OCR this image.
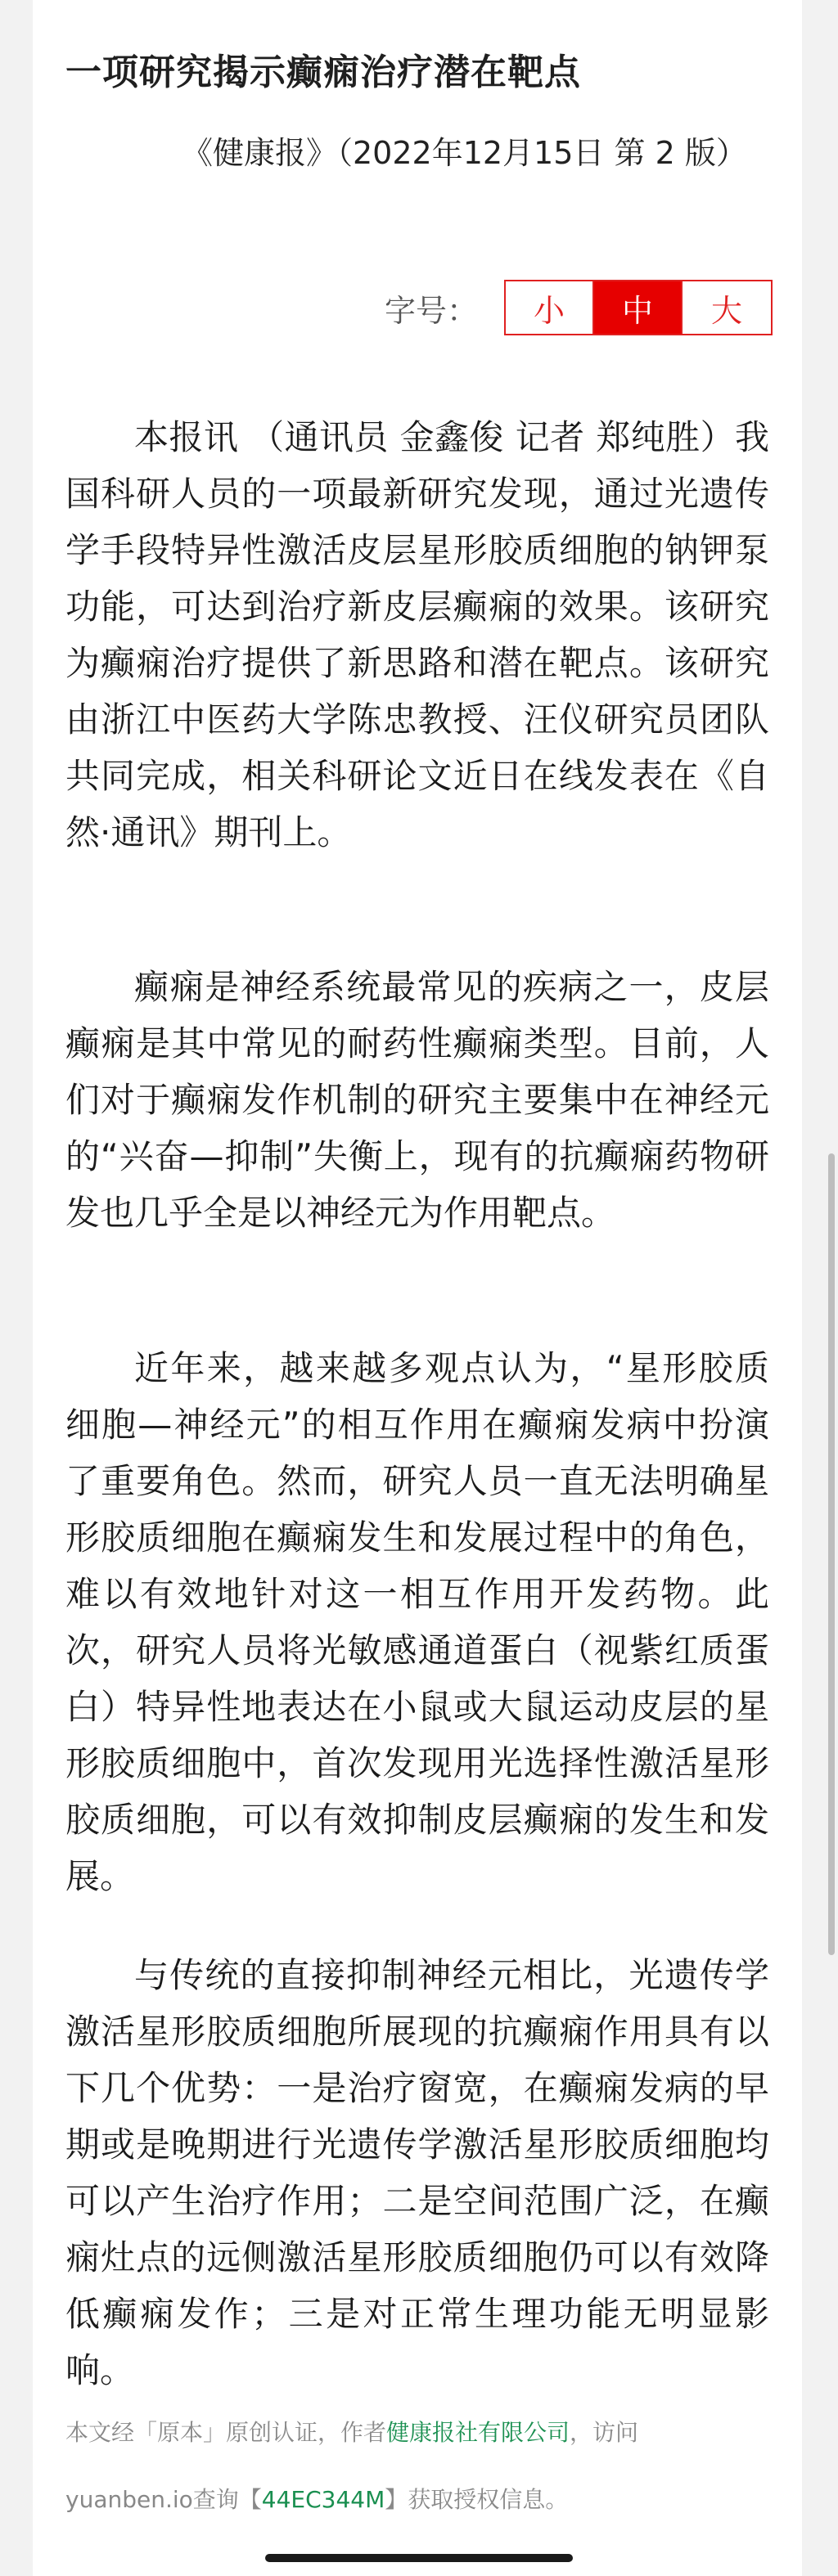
一项研究揭示癫痫治疗潜在靶点
《健康报》（2022年12月15日 第 2 版）
字号：	小	中	大

本报讯 （通讯员 金鑫俊 记者 郑纯胜）我国科研人员的一项最新研究发现，通过光遗传学手段特异性激活皮层星形胶质细胞的钠钾泵功能，可达到治疗新皮层癫痫的效果。该研究为癫痫治疗提供了新思路和潜在靶点。该研究由浙江中医药大学陈忠教授、汪仪研究员团队共同完成，相关科研论文近日在线发表在《自然·通讯》期刊上。

癫痫是神经系统最常见的疾病之一，皮层癫痫是其中常见的耐药性癫痫类型。目前，人们对于癫痫发作机制的研究主要集中在神经元的“兴奋—抑制”失衡上，现有的抗癫痫药物研发也几乎全是以神经元为作用靶点。

近年来，越来越多观点认为，“星形胶质细胞—神经元”的相互作用在癫痫发病中扮演了重要角色。然而，研究人员一直无法明确星形胶质细胞在癫痫发生和发展过程中的角色，难以有效地针对这一相互作用开发药物。此次，研究人员将光敏感通道蛋白（视紫红质蛋白）特异性地表达在小鼠或大鼠运动皮层的星形胶质细胞中，首次发现用光选择性激活星形胶质细胞，可以有效抑制皮层癫痫的发生和发展。

与传统的直接抑制神经元相比，光遗传学激活星形胶质细胞所展现的抗癫痫作用具有以下几个优势：一是治疗窗宽，在癫痫发病的早期或是晚期进行光遗传学激活星形胶质细胞均可以产生治疗作用；二是空间范围广泛，在癫痫灶点的远侧激活星形胶质细胞仍可以有效降低癫痫发作；三是对正常生理功能无明显影响。

本文经「原本」原创认证，作者健康报社有限公司，访问
yuanben.io查询【44EC344M】获取授权信息。
